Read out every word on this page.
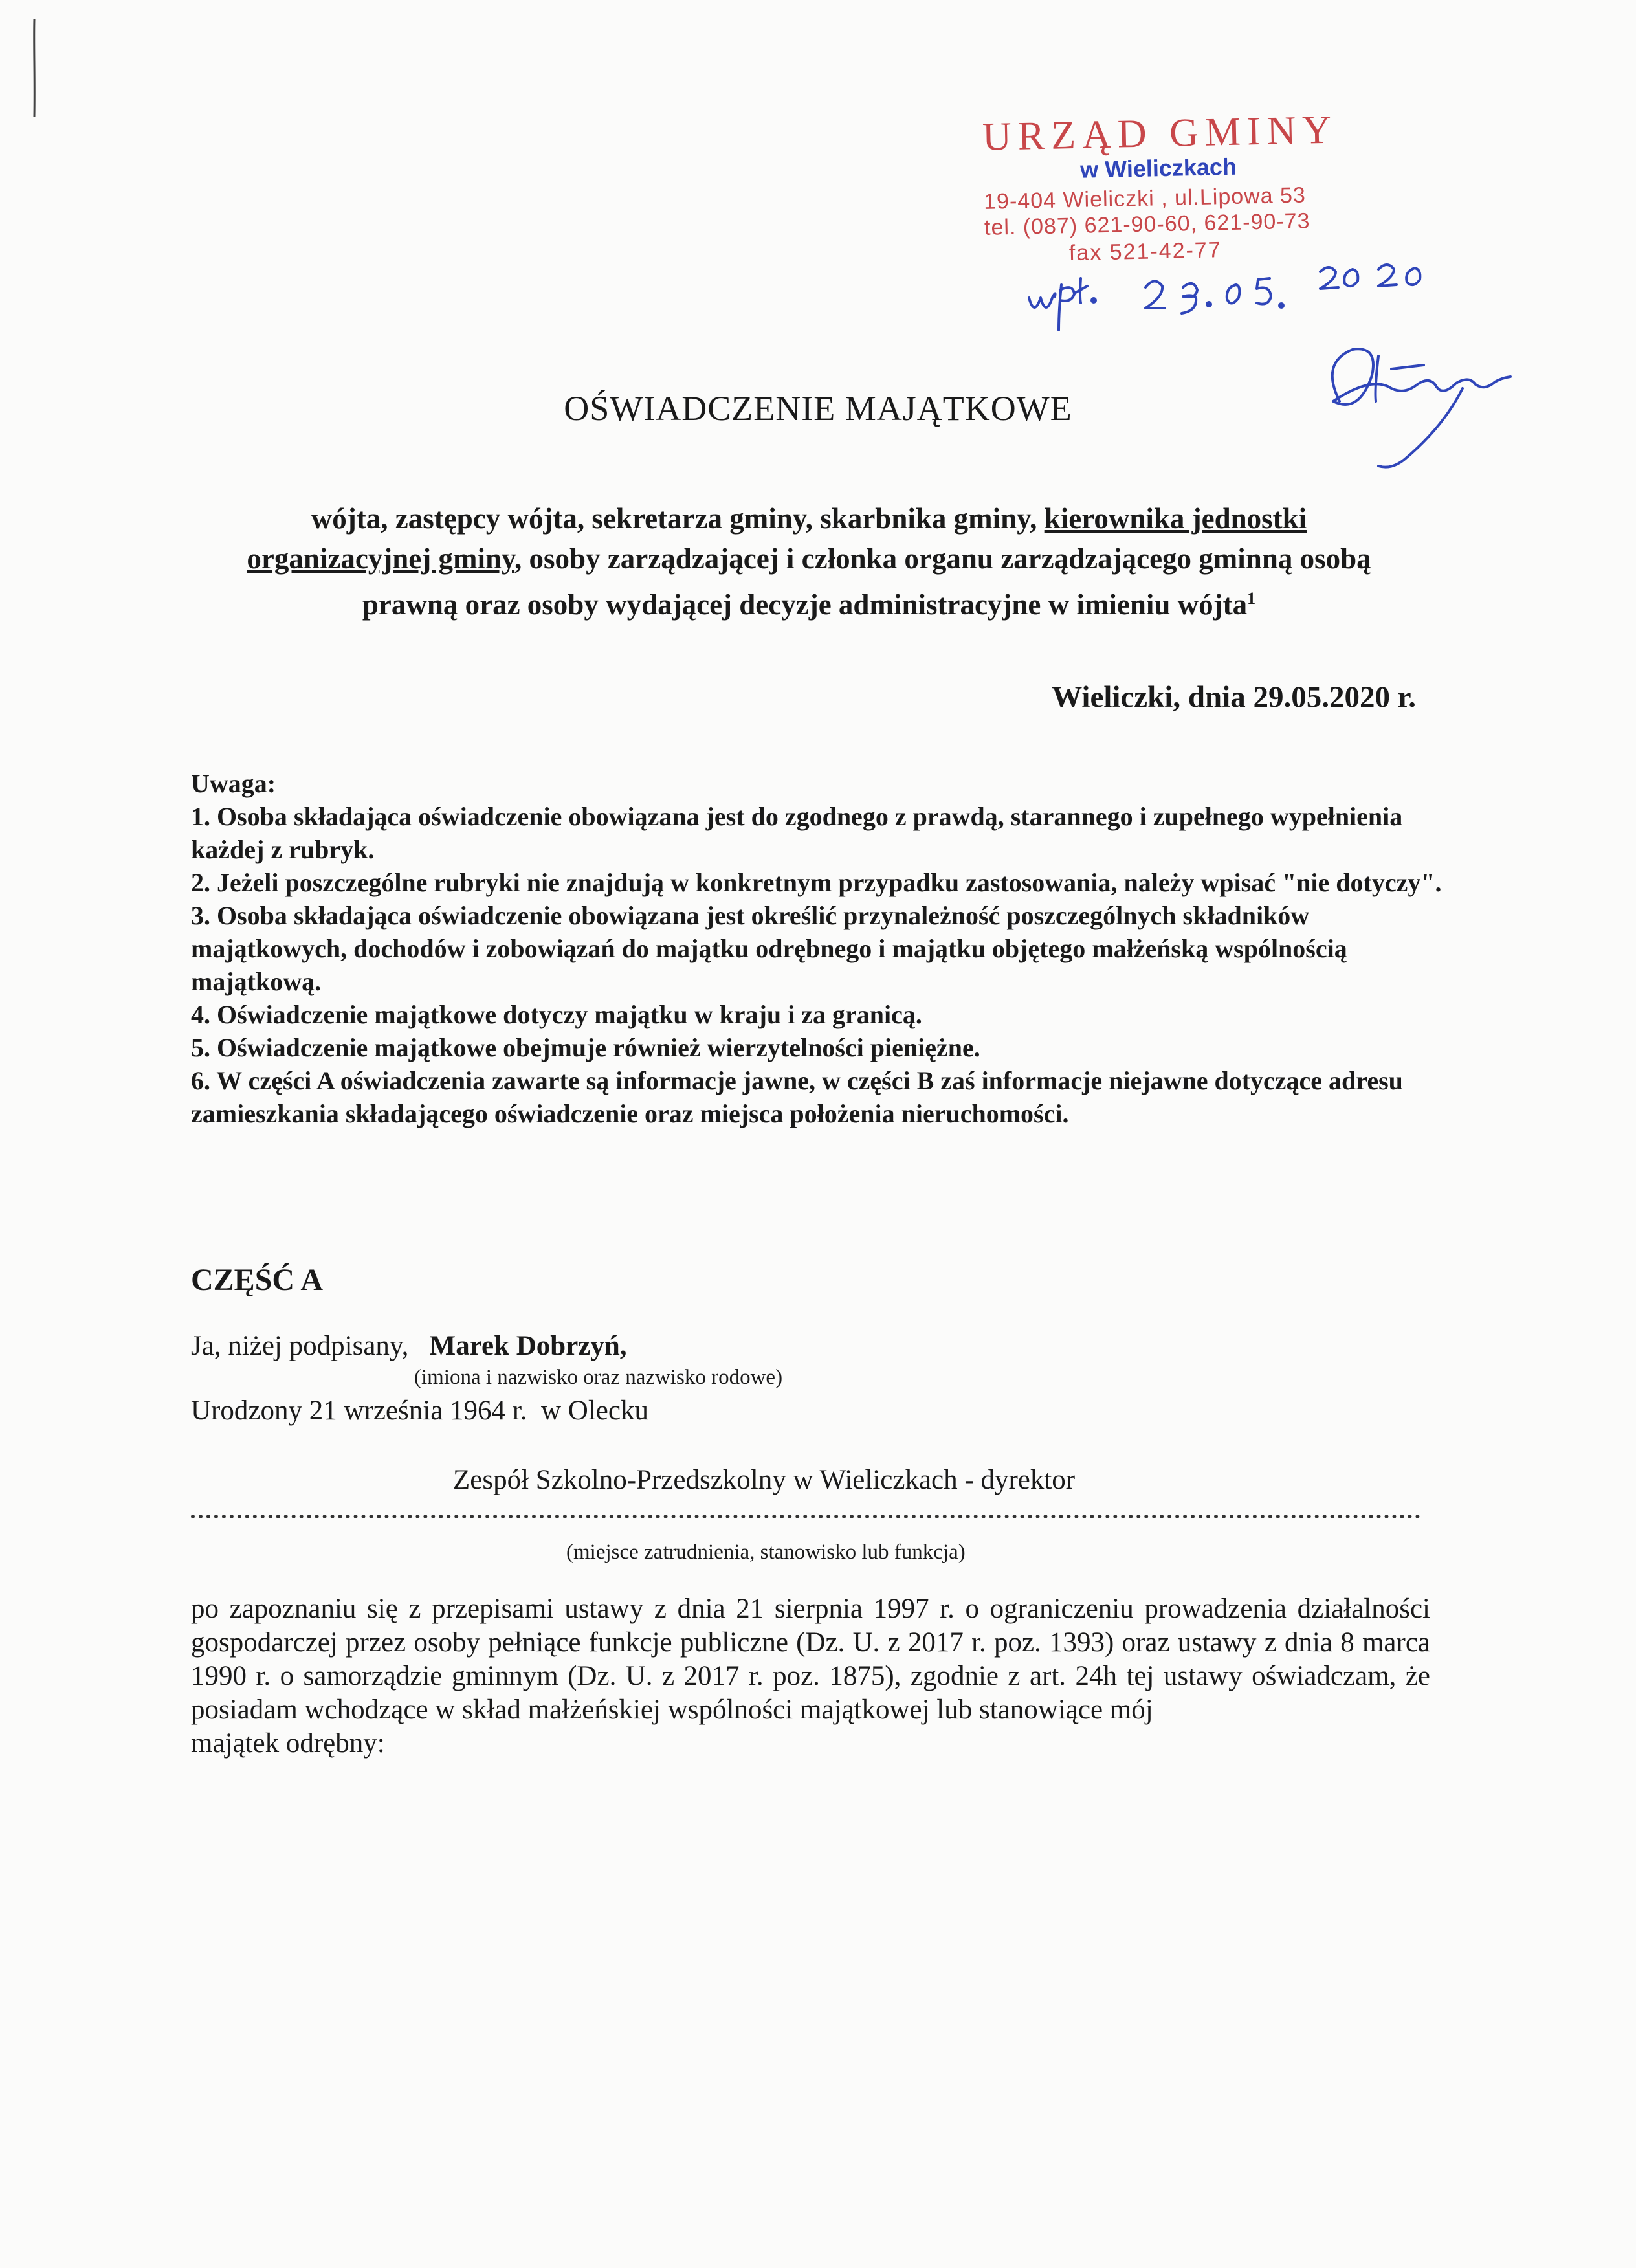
URZĄD GMINY
w Wieliczkach
19-404 Wieliczki , ul.Lipowa 53
tel. (087) 621-90-60, 621-90-73
fax 521-42-77
OŚWIADCZENIE MAJĄTKOWE
wójta, zastępcy wójta, sekretarza gminy, skarbnika gminy, kierownika jednostki
organizacyjnej gminy, osoby zarządzającej i członka organu zarządzającego gminną osobą
prawną oraz osoby wydającej decyzje administracyjne w imieniu wójta$^1$
Wieliczki, dnia 29.05.2020 r.

Uwaga:

1. Osoba składająca oświadczenie obowiązana jest do zgodnego z prawdą, starannego i zupełnego wypełnienia każdej z rubryk.

2. Jeżeli poszczególne rubryki nie znajdują w konkretnym przypadku zastosowania, należy wpisać "nie dotyczy".

3. Osoba składająca oświadczenie obowiązana jest określić przynależność poszczególnych składników majątkowych, dochodów i zobowiązań do majątku odrębnego i majątku objętego małżeńską wspólnością majątkową.

4. Oświadczenie majątkowe dotyczy majątku w kraju i za granicą.

5. Oświadczenie majątkowe obejmuje również wierzytelności pieniężne.

6. W części A oświadczenia zawarte są informacje jawne, w części B zaś informacje niejawne dotyczące adresu zamieszkania składającego oświadczenie oraz miejsca położenia nieruchomości.

CZĘŚĆ A
Ja, niżej podpisany, Marek Dobrzyń,
(imiona i nazwisko oraz nazwisko rodowe)
Urodzony 21 września 1964 r. w Olecku
Zespół Szkolno-Przedszkolny w Wieliczkach - dyrektor
(miejsce zatrudnienia, stanowisko lub funkcja)
po zapoznaniu się z przepisami ustawy z dnia 21 sierpnia 1997 r. o ograniczeniu prowadzenia działalności gospodarczej przez osoby pełniące funkcje publiczne (Dz. U. z 2017 r. poz. 1393) oraz ustawy z dnia 8 marca 1990 r. o samorządzie gminnym (Dz. U. z 2017 r. poz. 1875), zgodnie z art. 24h tej ustawy oświadczam, że posiadam wchodzące w skład małżeńskiej wspólności majątkowej lub stanowiące mój
majątek odrębny:
